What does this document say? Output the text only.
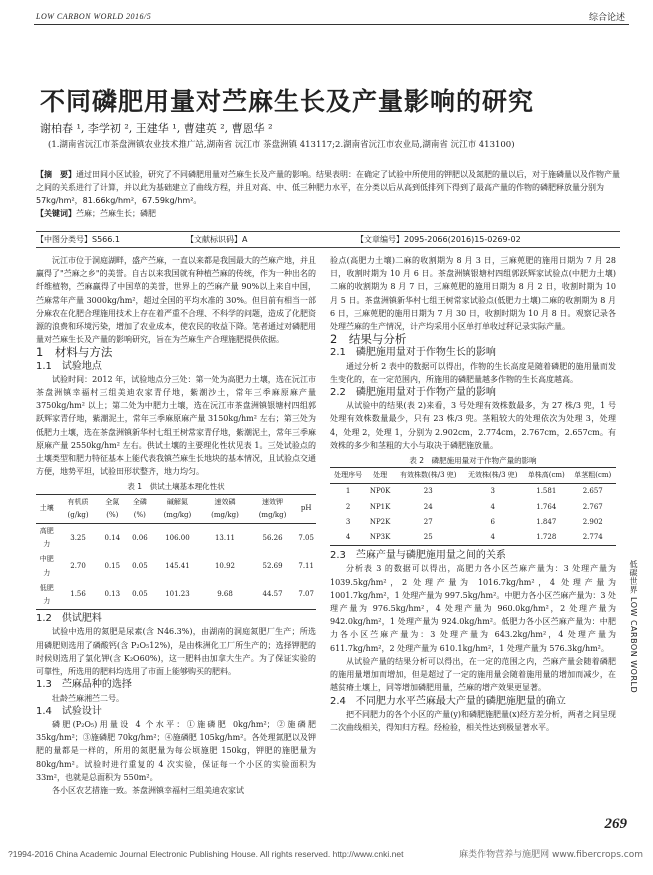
LOW CARBON WORLD 2016/5	综合论述
不同磷肥用量对苎麻生长及产量影响的研究
谢柏春 ¹, 李学初 ², 王建华 ¹, 曹建英 ², 曹恩华 ²
(1.湖南省沅江市茶盘洲镇农业技术推广站,湖南省 沅江市 茶盘洲镇 413117;2.湖南省沅江市农业局,湖南省 沅江市 413100)
【摘　要】通过田间小区试验，研究了不同磷肥用量对苎麻生长及产量的影响。结果表明：在确定了试验中所使用的钾肥以及氮肥的量以后，对于施磷量以及作物产量之间的关系进行了计算，并以此为基础建立了曲线方程，并且对高、中、低三种肥力水平，在分类以后从高到低排列下得到了最高产量的作物的磷肥释放量分别为 57kg/hm²，81.66kg/hm²，67.59kg/hm²。
【关键词】苎麻；苎麻生长；磷肥
【中图分类号】S566.1	【文献标识码】A	【文章编号】2095-2066(2016)15-0269-02

沅江市位于洞庭湖畔，盛产苎麻，一直以来都是我国最大的苎麻产地，并且赢得了"苎麻之乡"的美誉。自古以来我国就有种植苎麻的传统，作为一种出名的纤维植物，苎麻赢得了中国草的美誉，世界上的苎麻产量 90%以上来自中国，苎麻常年产量 3000kg/hm²，超过全国的平均水准的 30%。但目前有相当一部分麻农在化肥合理施用技术上存在着严重不合理、不科学的问题，造成了化肥资源的浪费和环境污染，增加了农业成本，使农民的收益下降。笔者通过对磷肥用量对苎麻生长及产量的影响研究，旨在为苎麻生产合理施肥提供依据。

1　材料与方法
1.1　试验地点

试验时间：2012 年，试验地点分三处：第一处为高肥力土壤，选在沅江市茶盘洲镇幸福村三组美迪农家青仔地，紫潮沙土，常年三季麻原麻产量 3750kg/hm² 以上；第二处为中肥力土壤，选在沅江市茶盘洲镇银塘村四组郭跃辉家青仔地，紫潮泥土，常年三季麻原麻产量 3150kg/hm² 左右；第三处为低肥力土壤，选在茶盘洲镇新华村七组王树常家青仔地，紫潮泥土，常年三季麻原麻产量 2550kg/hm² 左右。供试土壤的主要理化性状见表 1。三处试验点的土壤类型和肥力特征基本上能代表我镇苎麻生长地块的基本情况，且试验点交通方便，地势平坦，试验田形状整齐，地力均匀。

表 1　供试土壤基本理化性状
土壤	有机质(g/kg)	全氮(%)	全磷(%)	碱解氮(mg/kg)	速效磷(mg/kg)	速效钾(mg/kg)	pH
高肥力	3.25	0.14	0.06	106.00	13.11	56.26	7.05
中肥力	2.70	0.15	0.05	145.41	10.92	52.69	7.11
低肥力	1.56	0.13	0.05	101.23	9.68	44.57	7.07
1.2　供试肥料

试验中选用的氮肥是尿素(含 N46.3%)，由湖南的洞庭氮肥厂生产；所选用磷肥则选用了磷酸钙(含 P₂O₅12%)，是由株洲化工厂所生产的；选择钾肥的时候则选用了氯化钾(含 K₂O60%)，这一肥料由加拿大生产。为了保证实验的可靠性，所选用的肥料均选用了市面上能够购买的肥料。

1.3　苎麻品种的选择

壮龄苎麻湘苎二号。

1.4　试验设计

磷肥(P₂O₅)用量设 4 个水平：①施磷肥 0kg/hm²；②施磷肥 35kg/hm²；③施磷肥 70kg/hm²；④施磷肥 105kg/hm²。各处理氮肥以及钾肥的量都是一样的，所用的氮肥量为每公顷施肥 150kg，钾肥的施肥量为 80kg/hm²。试验时进行重复的 4 次实验，保证每一个小区的实验面积为 33m²，也就是总面积为 550m²。

各小区农艺措施一致。茶盘洲镇幸福村三组美迪农家试

验点(高肥力土壤)二麻的收割期为 8 月 3 日，三麻蔸肥的施用日期为 7 月 28 日，收割时期为 10 月 6 日。茶盘洲镇银塘村四组郭跃辉家试验点(中肥力土壤)二麻的收割期为 8 月 7 日，三麻蔸肥的施用日期为 8 月 2 日，收割时期为 10 月 5 日。茶盘洲镇新华村七组王树常家试验点(低肥力土壤)二麻的收割期为 8 月 6 日，三麻蔸肥的施用日期为 7 月 30 日，收割时期为 10 月 8 日。观察记录各处理苎麻的生产情况，计产均采用小区单打单收过秤记录实际产量。

2　结果与分析
2.1　磷肥施用量对于作物生长的影响

通过分析 2 表中的数据可以得出，作物的生长高度是随着磷肥的施用量而发生变化的，在一定范围内，所施用的磷肥量越多作物的生长高度越高。

2.2　磷肥施用量对于作物产量的影响

从试验中的结果(表 2)来看，3 号处理有效株数最多，为 27 株/3 兜，1 号处理有效株数量最少，只有 23 株/3 兜。茎粗较大的处理依次为处理 3，处理 4，处理 2，处理 1，分别为 2.902cm，2.774cm，2.767cm，2.657cm。有效株的多少和茎粗的大小与取决于磷肥施放量。

表 2　磷肥施用量对于作物产量的影响
处理序号	处理	有效株数(株/3 兜)	无效株(株/3 兜)	单株高(cm)	单茎粗(cm)
1	NP0K	23	3	1.581	2.657
2	NP1K	24	4	1.764	2.767
3	NP2K	27	6	1.847	2.902
4	NP3K	25	4	1.728	2.774
2.3　苎麻产量与磷肥施用量之间的关系

分析表 3 的数据可以得出，高肥力各小区苎麻产量为：3 处理产量为 1039.5kg/hm²，2 处理产量为 1016.7kg/hm²，4 处理产量为 1001.7kg/hm²，1 处理产量为 997.5kg/hm²。中肥力各小区苎麻产量为：3 处理产量为 976.5kg/hm²，4 处理产量为 960.0kg/hm²，2 处理产量为 942.0kg/hm²，1 处理产量为 924.0kg/hm²。低肥力各小区苎麻产量为：中肥力各小区苎麻产量为：3 处理产量为 643.2kg/hm²，4 处理产量为 611.7kg/hm²，2 处理产量为 610.1kg/hm²，1 处理产量为 576.3kg/hm²。

从试验产量的结果分析可以得出，在一定的范围之内，苎麻产量会随着磷肥的施用量增加而增加，但是超过了一定的施用量会随着施用量的增加而减少，在越贫瘠土壤上，同等增加磷肥用量，苎麻的增产效果更显著。

2.4　不同肥力水平苎麻最大产量的磷肥施肥量的确立

把不同肥力的各个小区的产量(y)和磷肥施肥量(x)经方差分析，两者之间呈现二次曲线相关，得知归方程。经检验，相关性达到极显著水平。

低碳世界 LOW CARBON WORLD
269
?1994-2016 China Academic Journal Electronic Publishing House. All rights reserved. http://www.cnki.net	麻类作物营养与施肥网 www.fibercrops.com
